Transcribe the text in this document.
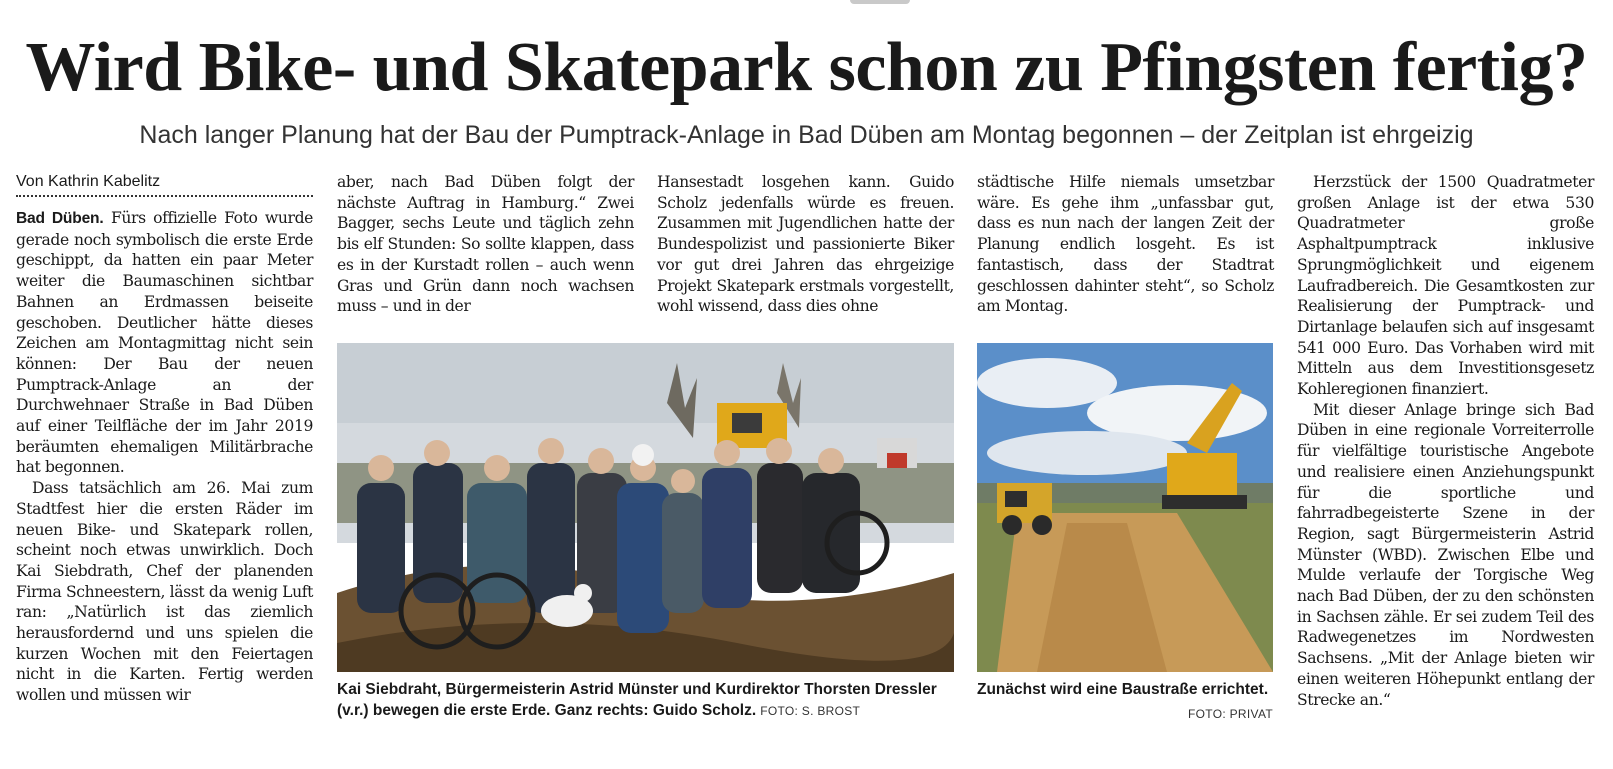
Wird Bike- und Skatepark schon zu Pfingsten fertig?
Nach langer Planung hat der Bau der Pumptrack-Anlage in Bad Düben am Montag begonnen – der Zeitplan ist ehrgeizig
Von Kathrin Kabelitz

Bad Düben. Fürs offizielle Foto wurde gerade noch symbolisch die erste Erde geschippt, da hatten ein paar Meter weiter die Baumaschinen sichtbar Bahnen an Erdmassen beiseite geschoben. Deutlicher hätte dieses Zeichen am Montagmittag nicht sein können: Der Bau der neuen Pumptrack-Anlage an der Durchwehnaer Straße in Bad Düben auf einer Teilfläche der im Jahr 2019 beräumten ehemaligen Militärbrache hat begonnen.

Dass tatsächlich am 26. Mai zum Stadtfest hier die ersten Räder im neuen Bike- und Skatepark rollen, scheint noch etwas unwirklich. Doch Kai Siebdrath, Chef der planenden Firma Schneestern, lässt da wenig Luft ran: „Natürlich ist das ziemlich herausfordernd und uns spielen die kurzen Wochen mit den Feiertagen nicht in die Karten. Fertig werden wollen und müssen wir

aber, nach Bad Düben folgt der nächste Auftrag in Hamburg.“ Zwei Bagger, sechs Leute und täglich zehn bis elf Stunden: So sollte klappen, dass es in der Kurstadt rollen – auch wenn Gras und Grün dann noch wachsen muss – und in der

Hansestadt losgehen kann. Guido Scholz jedenfalls würde es freuen. Zusammen mit Jugendlichen hatte der Bundespolizist und passionierte Biker vor gut drei Jahren das ehrgeizige Projekt Skatepark erstmals vorgestellt, wohl wissend, dass dies ohne

städtische Hilfe niemals umsetzbar wäre. Es gehe ihm „unfassbar gut, dass es nun nach der langen Zeit der Planung endlich losgeht. Es ist fantastisch, dass der Stadtrat geschlossen dahinter steht“, so Scholz am Montag.

Herzstück der 1500 Quadratmeter großen Anlage ist der etwa 530 Quadratmeter große Asphaltpumptrack inklusive Sprungmöglichkeit und eigenem Laufradbereich. Die Gesamtkosten zur Realisierung der Pumptrack- und Dirtanlage belaufen sich auf insgesamt 541 000 Euro. Das Vorhaben wird mit Mitteln aus dem Investitionsgesetz Kohleregionen finanziert.

Mit dieser Anlage bringe sich Bad Düben in eine regionale Vorreiterrolle für vielfältige touristische Angebote und realisiere einen Anziehungspunkt für die sportliche und fahrradbegeisterte Szene in der Region, sagt Bürgermeisterin Astrid Münster (WBD). Zwischen Elbe und Mulde verlaufe der Torgische Weg nach Bad Düben, der zu den schönsten in Sachsen zähle. Er sei zudem Teil des Radwegenetzes im Nordwesten Sachsens. „Mit der Anlage bieten wir einen weiteren Höhepunkt entlang der Strecke an.“

Kai Siebdraht, Bürgermeisterin Astrid Münster und Kurdirektor Thorsten Dressler (v.r.) bewegen die erste Erde. Ganz rechts: Guido Scholz. FOTO: S. BROST
Zunächst wird eine Baustraße errichtet.
FOTO: PRIVAT
